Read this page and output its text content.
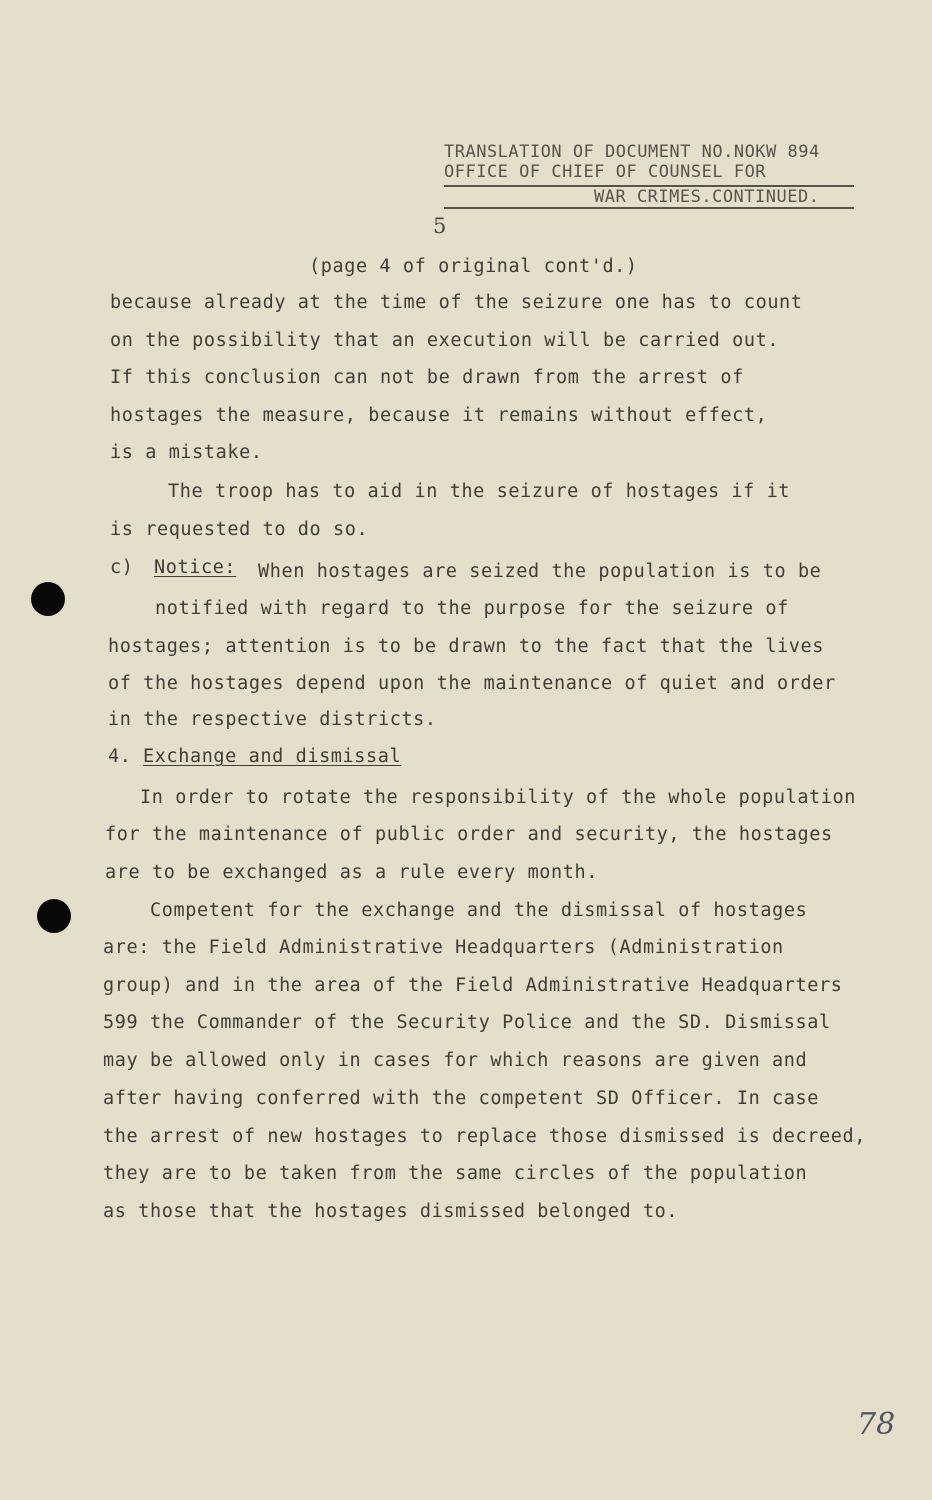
TRANSLATION OF DOCUMENT NO.NOKW 894
OFFICE OF CHIEF OF COUNSEL FOR
WAR CRIMES.CONTINUED.
5
(page 4 of original cont'd.)
because already at the time of the seizure one has to count
on the possibility that an execution will be carried out.
If this conclusion can not be drawn from the arrest of
hostages the measure, because it remains without effect,
is a mistake.
The troop has to aid in the seizure of hostages if it
is requested to do so.
c) Notice: When hostages are seized the population is to be
notified with regard to the purpose for the seizure of
hostages; attention is to be drawn to the fact that the lives
of the hostages depend upon the maintenance of quiet and order
in the respective districts.
4. Exchange and dismissal
In order to rotate the responsibility of the whole population
for the maintenance of public order and security, the hostages
are to be exchanged as a rule every month.
Competent for the exchange and the dismissal of hostages
are: the Field Administrative Headquarters (Administration
group) and in the area of the Field Administrative Headquarters
599 the Commander of the Security Police and the SD. Dismissal
may be allowed only in cases for which reasons are given and
after having conferred with the competent SD Officer. In case
the arrest of new hostages to replace those dismissed is decreed,
they are to be taken from the same circles of the population
as those that the hostages dismissed belonged to.
78
